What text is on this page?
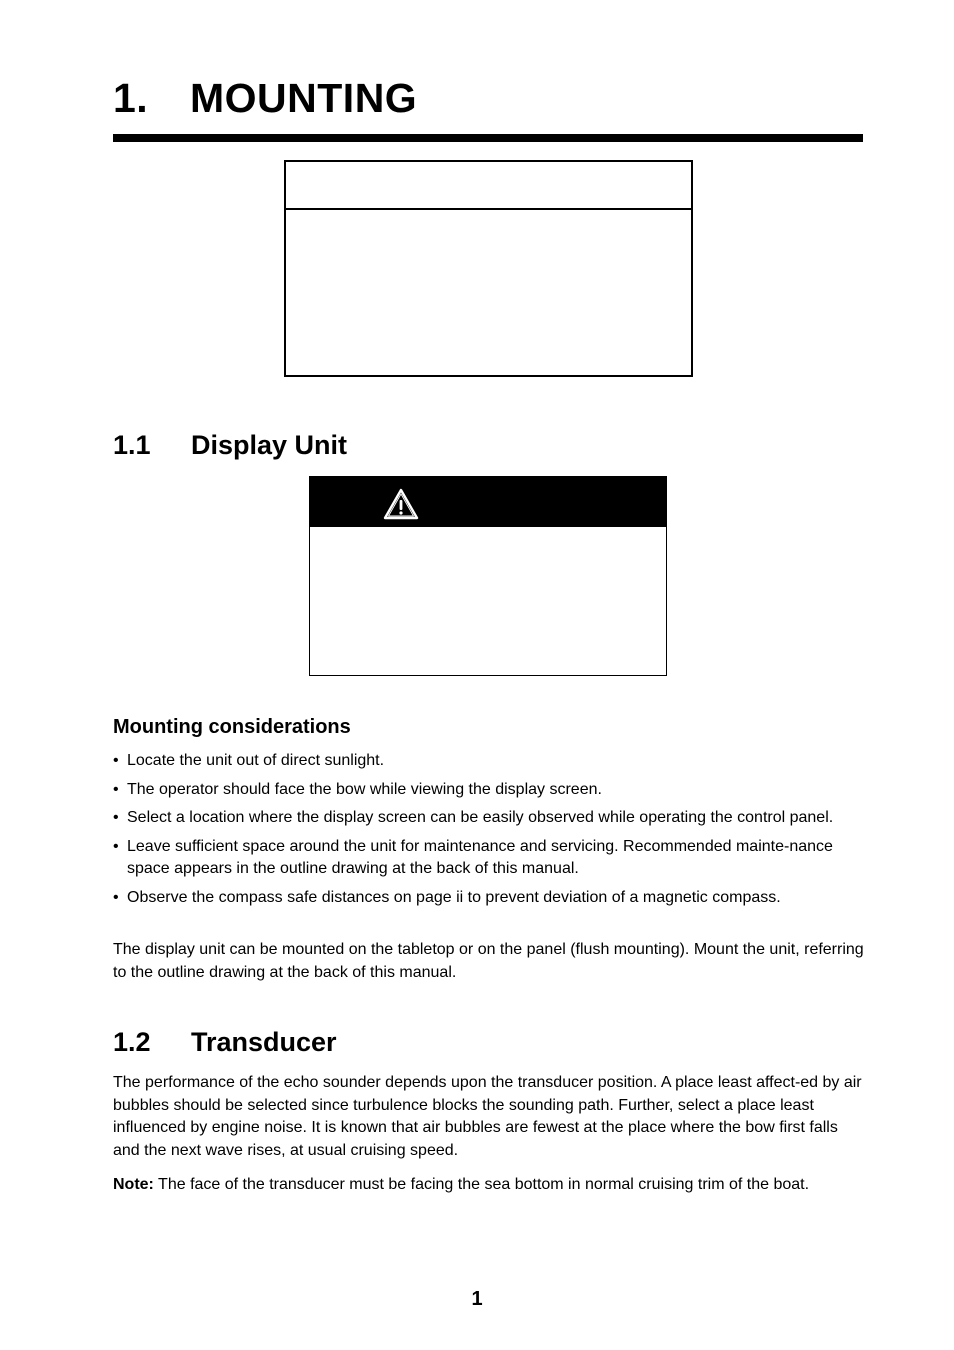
1. MOUNTING
1.1 Display Unit
Mounting considerations
• Locate the unit out of direct sunlight.
• The operator should face the bow while viewing the display screen.
• Select a location where the display screen can be easily observed while operating the control panel.
• Leave sufficient space around the unit for maintenance and servicing. Recommended mainte-nance space appears in the outline drawing at the back of this manual.
• Observe the compass safe distances on page ii to prevent deviation of a magnetic compass.

The display unit can be mounted on the tabletop or on the panel (flush mounting). Mount the unit, referring to the outline drawing at the back of this manual.

1.2 Transducer

The performance of the echo sounder depends upon the transducer position. A place least affect-ed by air bubbles should be selected since turbulence blocks the sounding path. Further, select a place least influenced by engine noise. It is known that air bubbles are fewest at the place where the bow first falls and the next wave rises, at usual cruising speed.

Note: The face of the transducer must be facing the sea bottom in normal cruising trim of the boat.

1
